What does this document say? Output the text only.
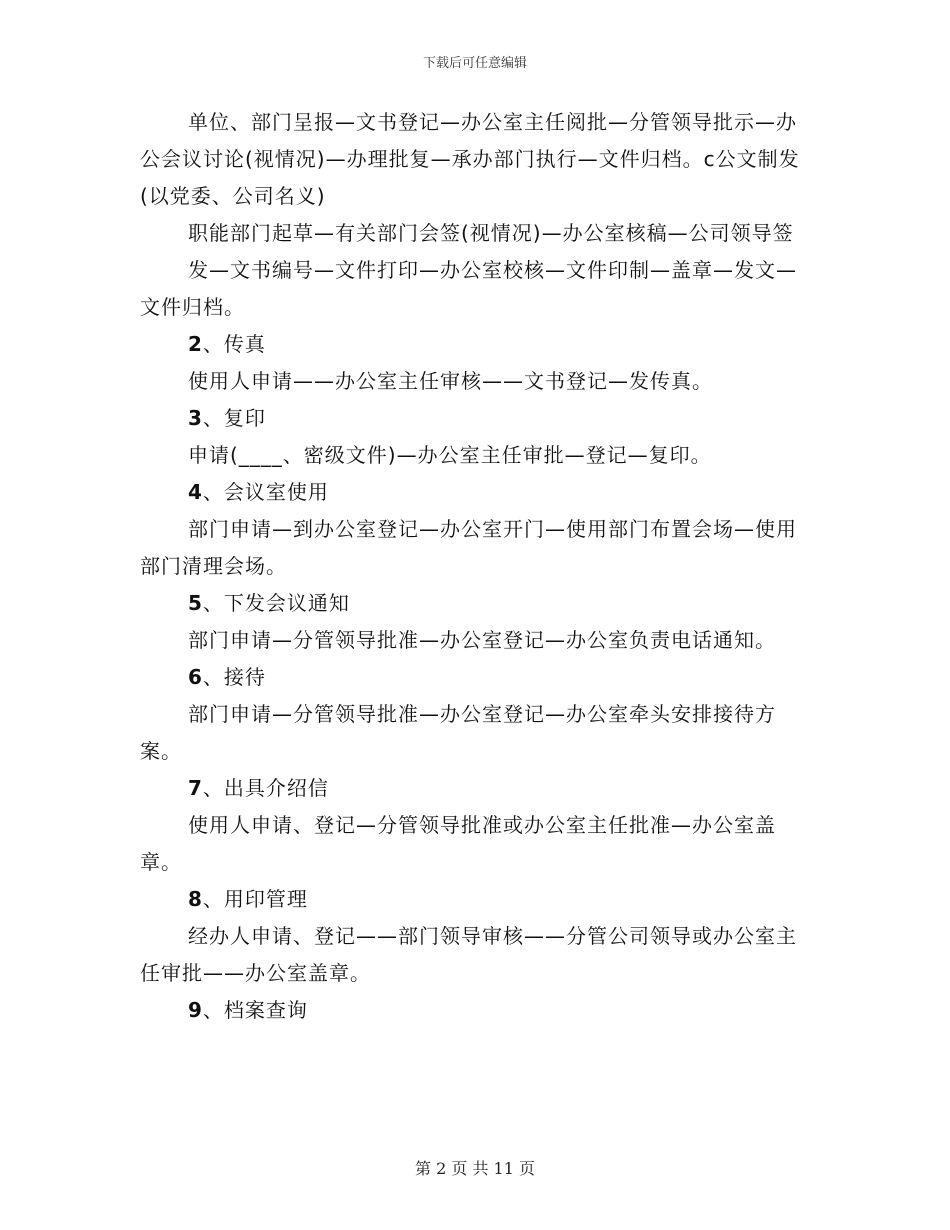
下载后可任意编辑

单位、部门呈报—文书登记—办公室主任阅批—分管领导批示—办公会议讨论(视情况)—办理批复—承办部门执行—文件归档。c公文制发(以党委、公司名义)

职能部门起草—有关部门会签(视情况)—办公室核稿—公司领导签

发—文书编号—文件打印—办公室校核—文件印制—盖章—发文—文件归档。

2、传真

使用人申请——办公室主任审核——文书登记—发传真。

3、复印

申请(____、密级文件)—办公室主任审批—登记—复印。

4、会议室使用

部门申请—到办公室登记—办公室开门—使用部门布置会场—使用部门清理会场。

5、下发会议通知

部门申请—分管领导批准—办公室登记—办公室负责电话通知。

6、接待

部门申请—分管领导批准—办公室登记—办公室牵头安排接待方案。

7、出具介绍信

使用人申请、登记—分管领导批准或办公室主任批准—办公室盖章。

8、用印管理

经办人申请、登记——部门领导审核——分管公司领导或办公室主任审批——办公室盖章。

9、档案查询

第 2 页 共 11 页
